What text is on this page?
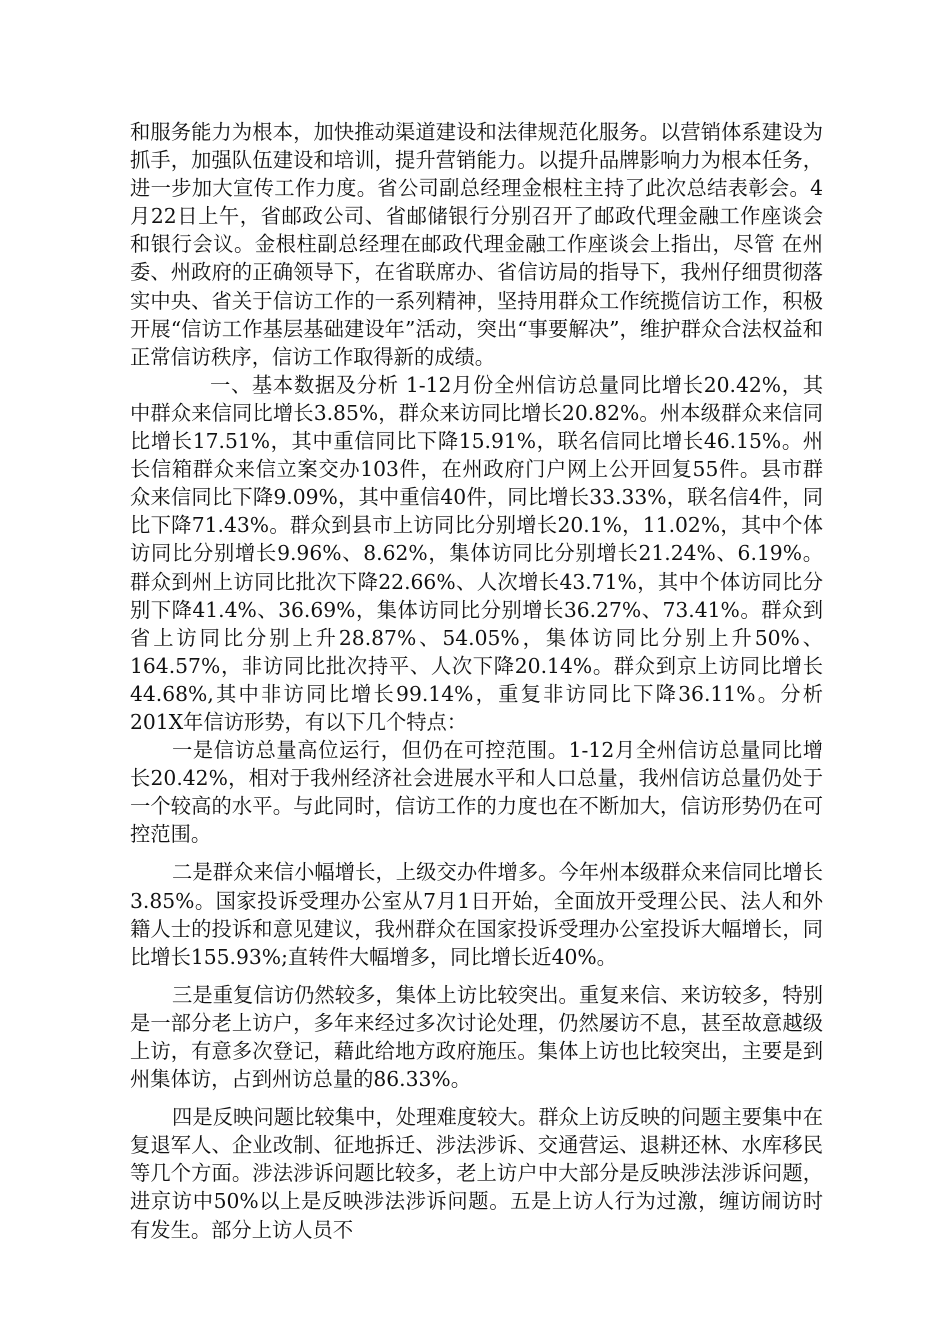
和服务能力为根本，加快推动渠道建设和法律规范化服务。以营销体系建设为抓手，加强队伍建设和培训，提升营销能力。以提升品牌影响力为根本任务，进一步加大宣传工作力度。省公司副总经理金根柱主持了此次总结表彰会。4月22日上午，省邮政公司、省邮储银行分别召开了邮政代理金融工作座谈会和银行会议。金根柱副总经理在邮政代理金融工作座谈会上指出，尽管 在州委、州政府的正确领导下，在省联席办、省信访局的指导下，我州仔细贯彻落实中央、省关于信访工作的一系列精神，坚持用群众工作统揽信访工作，积极开展“信访工作基层基础建设年”活动，突出“事要解决”，维护群众合法权益和正常信访秩序，信访工作取得新的成绩。

一、基本数据及分析 1-12月份全州信访总量同比增长20.42%，其中群众来信同比增长3.85%，群众来访同比增长20.82%。州本级群众来信同比增长17.51%，其中重信同比下降15.91%，联名信同比增长46.15%。州长信箱群众来信立案交办103件，在州政府门户网上公开回复55件。县市群众来信同比下降9.09%，其中重信40件，同比增长33.33%，联名信4件，同比下降71.43%。群众到县市上访同比分别增长20.1%，11.02%，其中个体访同比分别增长9.96%、8.62%，集体访同比分别增长21.24%、6.19%。群众到州上访同比批次下降22.66%、人次增长43.71%，其中个体访同比分别下降41.4%、36.69%，集体访同比分别增长36.27%、73.41%。群众到省上访同比分别上升28.87%、54.05%，集体访同比分别上升50%、164.57%，非访同比批次持平、人次下降20.14%。群众到京上访同比增长44.68%,其中非访同比增长99.14%，重复非访同比下降36.11%。分析201X年信访形势，有以下几个特点：

一是信访总量高位运行，但仍在可控范围。1-12月全州信访总量同比增长20.42%，相对于我州经济社会进展水平和人口总量，我州信访总量仍处于一个较高的水平。与此同时，信访工作的力度也在不断加大，信访形势仍在可控范围。

二是群众来信小幅增长，上级交办件增多。今年州本级群众来信同比增长3.85%。国家投诉受理办公室从7月1日开始，全面放开受理公民、法人和外籍人士的投诉和意见建议，我州群众在国家投诉受理办公室投诉大幅增长，同比增长155.93%;直转件大幅增多，同比增长近40%。

三是重复信访仍然较多，集体上访比较突出。重复来信、来访较多，特别是一部分老上访户，多年来经过多次讨论处理，仍然屡访不息，甚至故意越级上访，有意多次登记，藉此给地方政府施压。集体上访也比较突出，主要是到州集体访，占到州访总量的86.33%。

四是反映问题比较集中，处理难度较大。群众上访反映的问题主要集中在复退军人、企业改制、征地拆迁、涉法涉诉、交通营运、退耕还林、水库移民等几个方面。涉法涉诉问题比较多，老上访户中大部分是反映涉法涉诉问题，进京访中50%以上是反映涉法涉诉问题。五是上访人行为过激，缠访闹访时有发生。部分上访人员不
